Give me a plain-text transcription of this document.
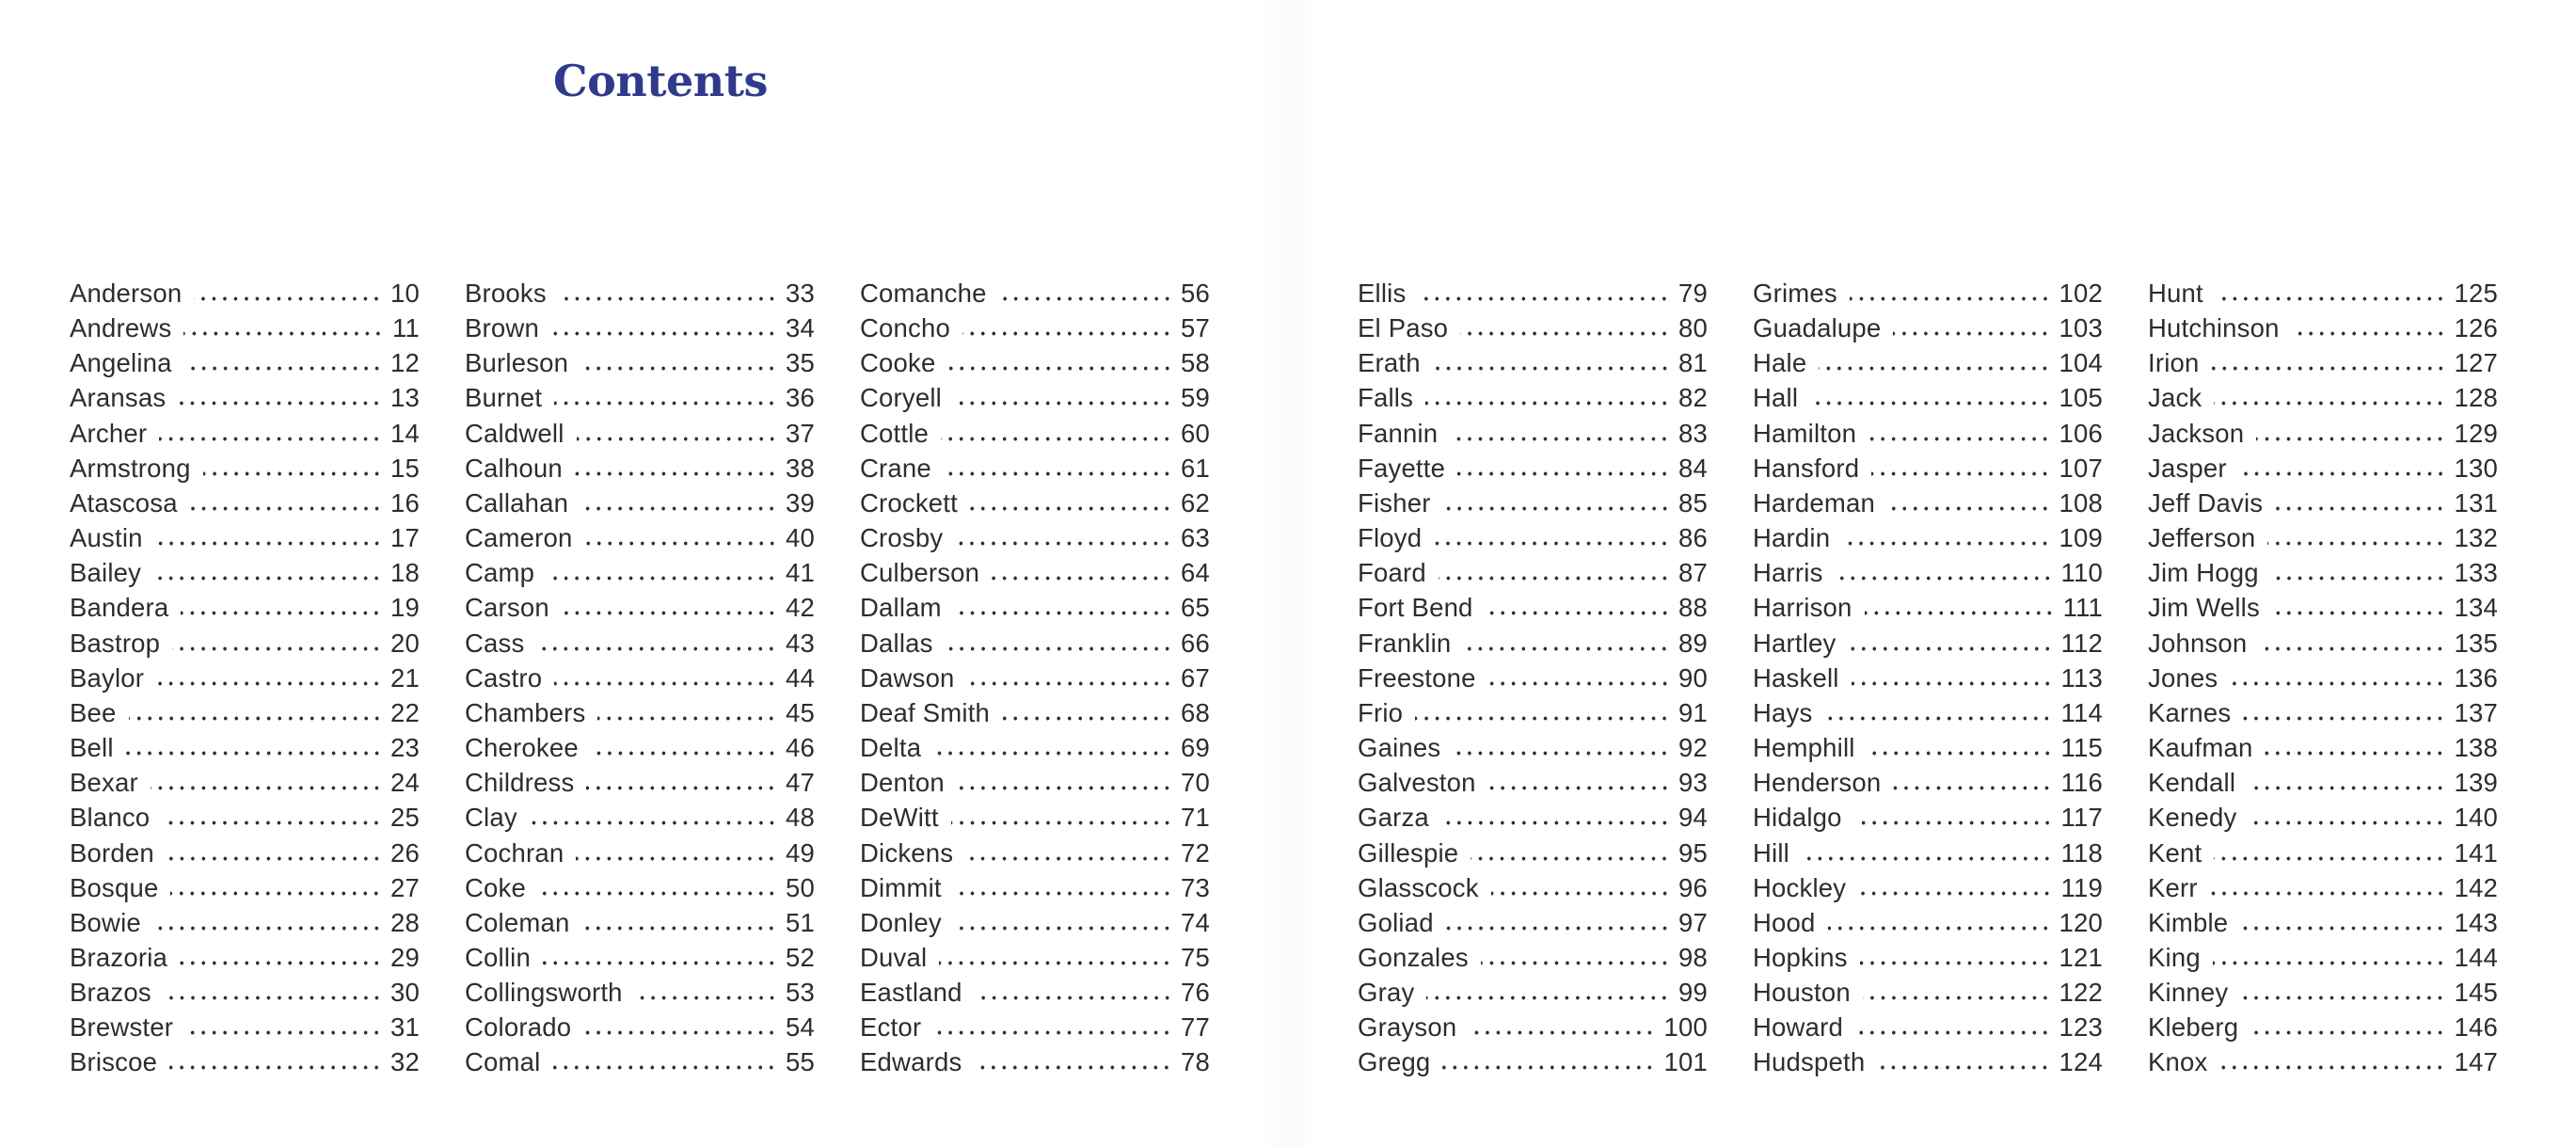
Contents
Anderson	10
Andrews	11
Angelina	12
Aransas	13
Archer	14
Armstrong	15
Atascosa	16
Austin	17
Bailey	18
Bandera	19
Bastrop	20
Baylor	21
Bee	22
Bell	23
Bexar	24
Blanco	25
Borden	26
Bosque	27
Bowie	28
Brazoria	29
Brazos	30
Brewster	31
Briscoe	32
Brooks	33
Brown	34
Burleson	35
Burnet	36
Caldwell	37
Calhoun	38
Callahan	39
Cameron	40
Camp	41
Carson	42
Cass	43
Castro	44
Chambers	45
Cherokee	46
Childress	47
Clay	48
Cochran	49
Coke	50
Coleman	51
Collin	52
Collingsworth	53
Colorado	54
Comal	55
Comanche	56
Concho	57
Cooke	58
Coryell	59
Cottle	60
Crane	61
Crockett	62
Crosby	63
Culberson	64
Dallam	65
Dallas	66
Dawson	67
Deaf Smith	68
Delta	69
Denton	70
DeWitt	71
Dickens	72
Dimmit	73
Donley	74
Duval	75
Eastland	76
Ector	77
Edwards	78
Ellis	79
El Paso	80
Erath	81
Falls	82
Fannin	83
Fayette	84
Fisher	85
Floyd	86
Foard	87
Fort Bend	88
Franklin	89
Freestone	90
Frio	91
Gaines	92
Galveston	93
Garza	94
Gillespie	95
Glasscock	96
Goliad	97
Gonzales	98
Gray	99
Grayson	100
Gregg	101
Grimes	102
Guadalupe	103
Hale	104
Hall	105
Hamilton	106
Hansford	107
Hardeman	108
Hardin	109
Harris	110
Harrison	111
Hartley	112
Haskell	113
Hays	114
Hemphill	115
Henderson	116
Hidalgo	117
Hill	118
Hockley	119
Hood	120
Hopkins	121
Houston	122
Howard	123
Hudspeth	124
Hunt	125
Hutchinson	126
Irion	127
Jack	128
Jackson	129
Jasper	130
Jeff Davis	131
Jefferson	132
Jim Hogg	133
Jim Wells	134
Johnson	135
Jones	136
Karnes	137
Kaufman	138
Kendall	139
Kenedy	140
Kent	141
Kerr	142
Kimble	143
King	144
Kinney	145
Kleberg	146
Knox	147
